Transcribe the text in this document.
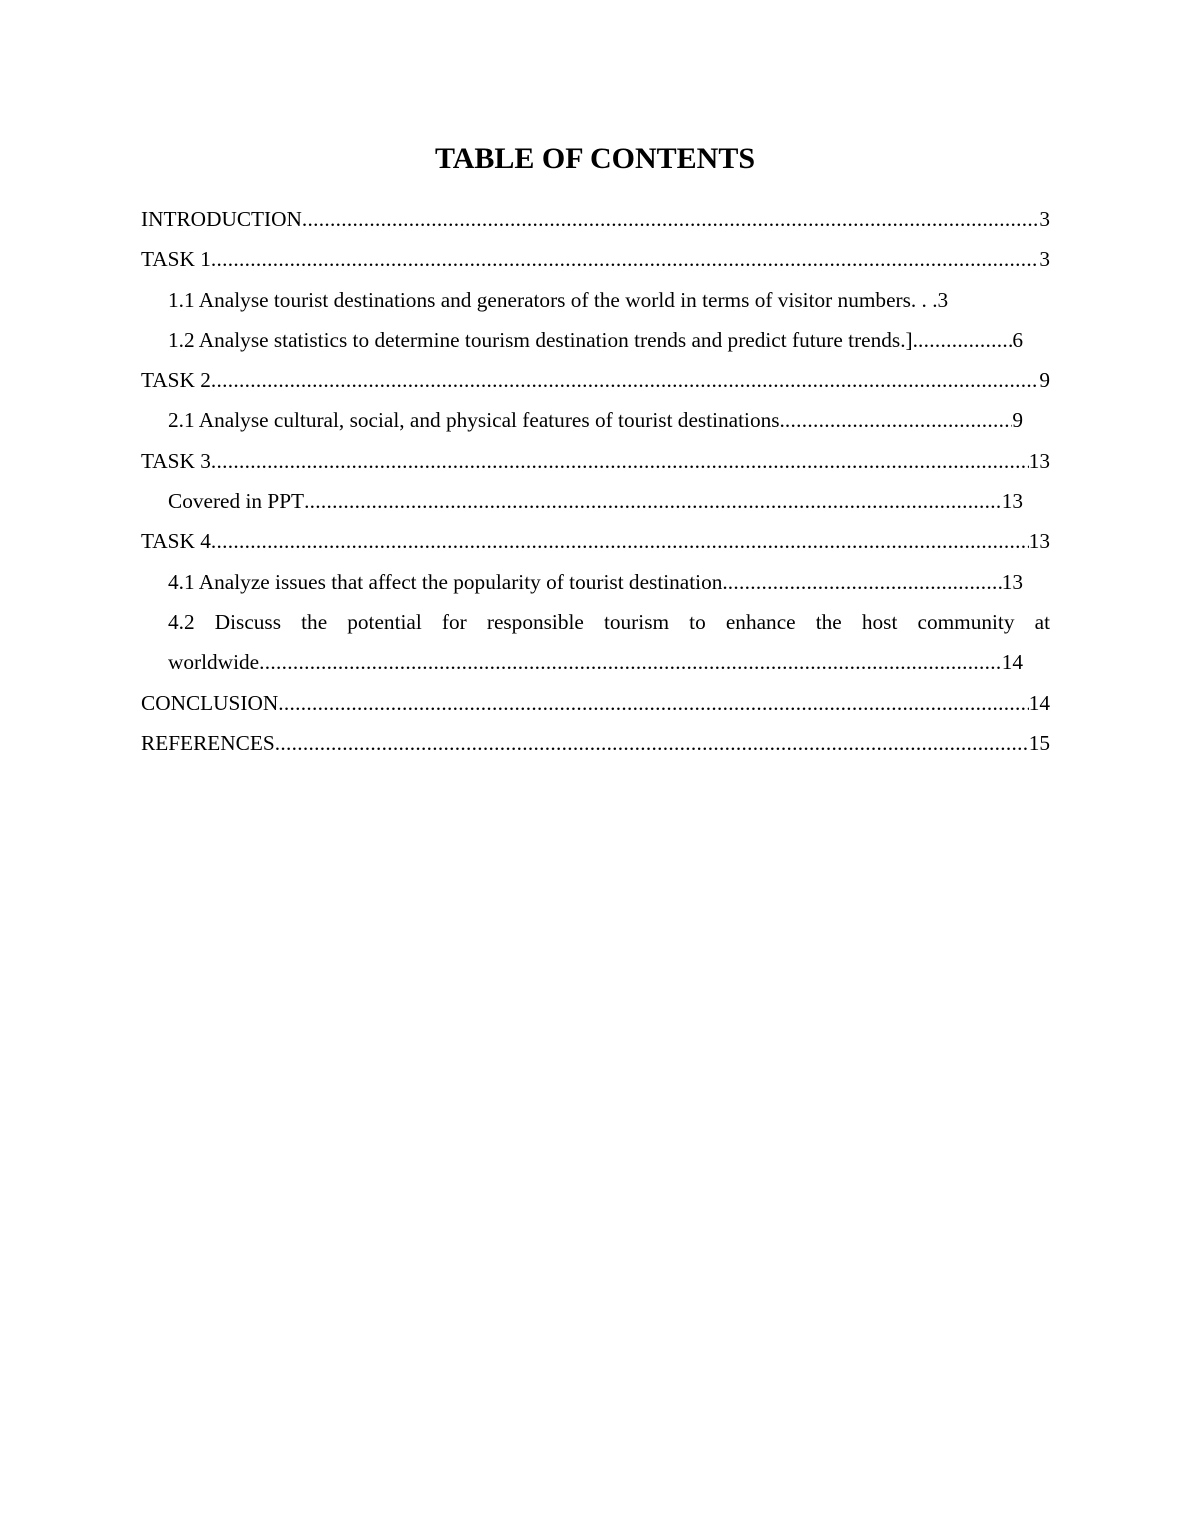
TABLE OF CONTENTS
INTRODUCTION .....	3
TASK 1 .....	3
1.1 Analyse tourist destinations and generators of the world in terms of visitor numbers. . . 3
1.2 Analyse statistics to determine tourism destination trends and predict future trends.]. .....	6
TASK 2 .....	9
2.1 Analyse cultural, social, and physical features of tourist destinations. .....	9
TASK 3 .....	13
Covered in PPT .....	13
TASK 4 .....	13
4.1 Analyze issues that affect the popularity of tourist destination. .....	13
4.2 Discuss the potential for responsible tourism to enhance the host community at
worldwide .....	14
CONCLUSION .....	14
REFERENCES .....	15
